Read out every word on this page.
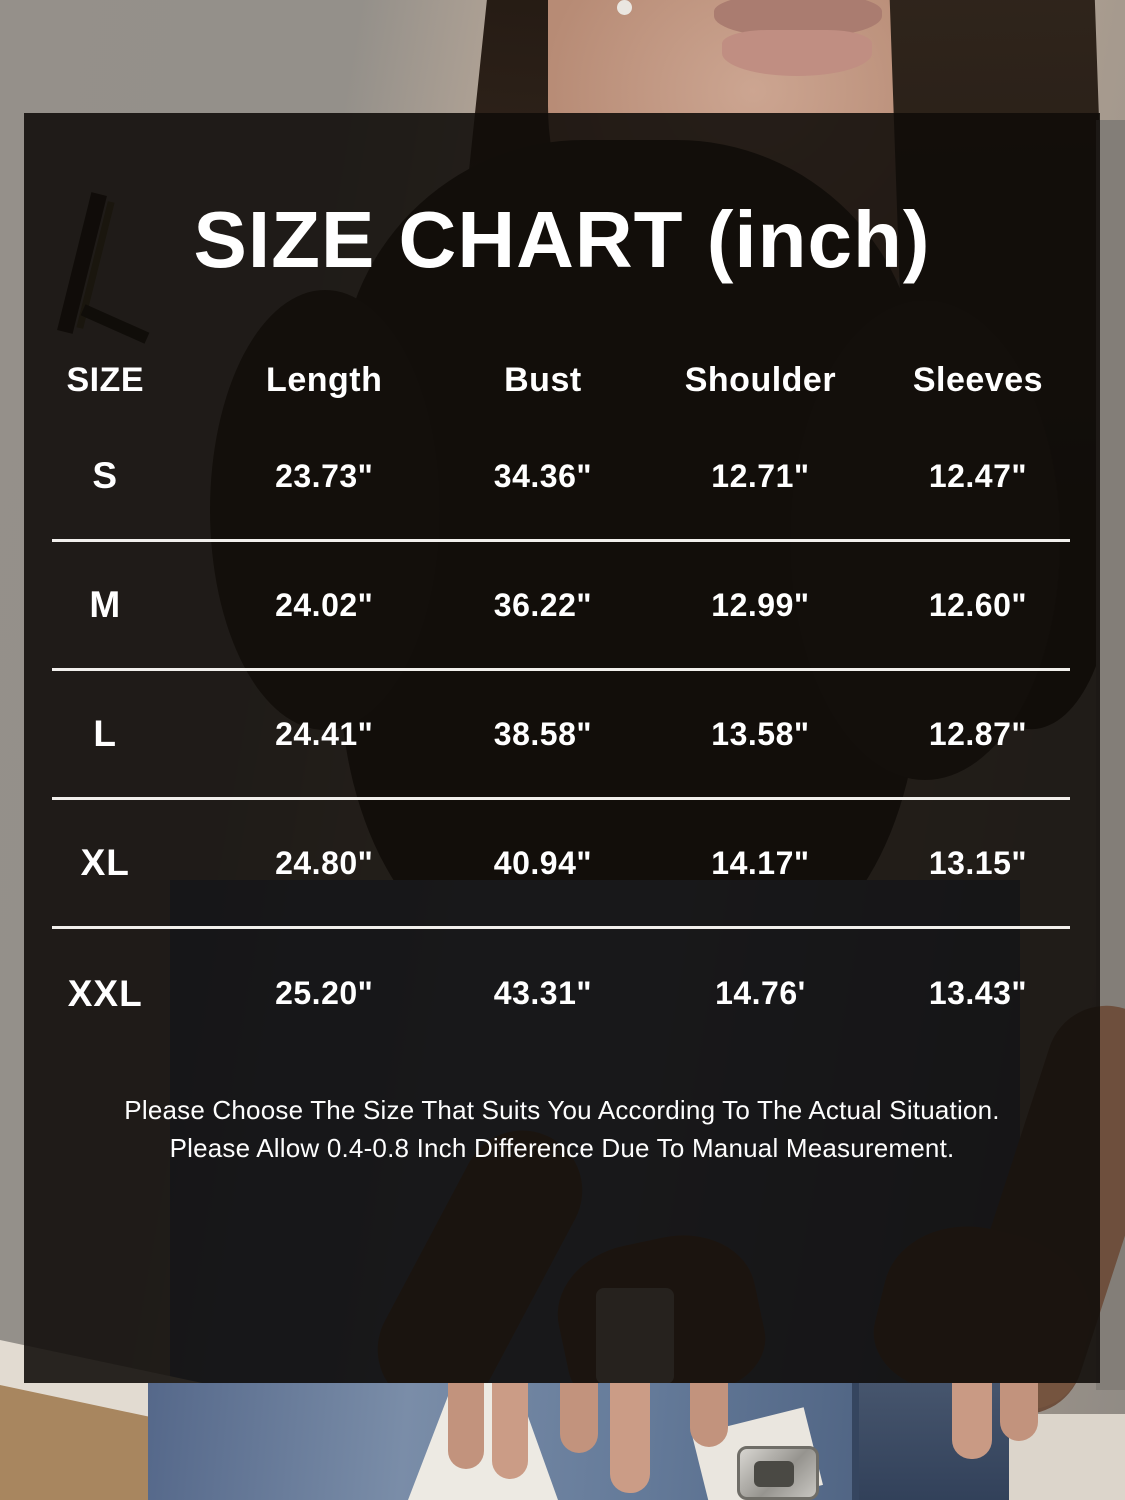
SIZE CHART (inch)
SIZE	Length	Bust	Shoulder	Sleeves
S	23.73"	34.36"	12.71"	12.47"
M	24.02"	36.22"	12.99"	12.60"
L	24.41"	38.58"	13.58"	12.87"
XL	24.80"	40.94"	14.17"	13.15"
XXL	25.20"	43.31"	14.76'	13.43"
Please Choose The Size That Suits You According To The Actual Situation.
Please Allow 0.4-0.8 Inch Difference Due To Manual Measurement.
